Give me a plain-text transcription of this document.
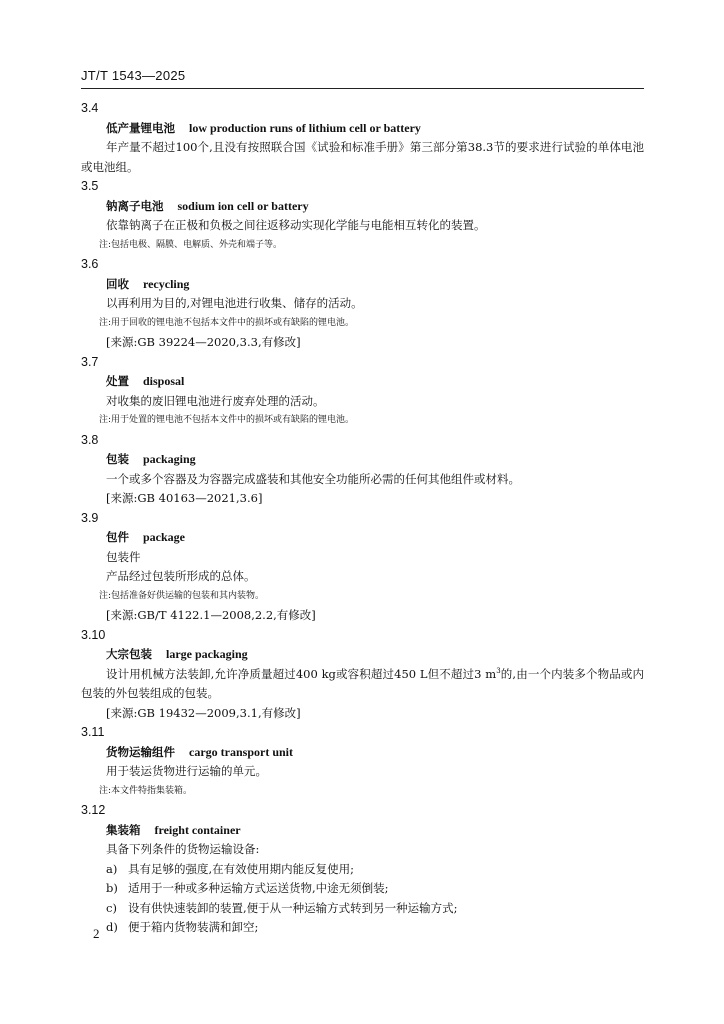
JT/T 1543—2025
3.4
低产量锂电池 low production runs of lithium cell or battery
年产量不超过100个,且没有按照联合国《试验和标准手册》第三部分第38.3节的要求进行试验的单体电池或电池组。
3.5
钠离子电池 sodium ion cell or battery
依靠钠离子在正极和负极之间往返移动实现化学能与电能相互转化的装置。
注:包括电极、隔膜、电解质、外壳和端子等。
3.6
回收 recycling
以再利用为目的,对锂电池进行收集、储存的活动。
注:用于回收的锂电池不包括本文件中的损坏或有缺陷的锂电池。
[来源:GB 39224—2020,3.3,有修改]
3.7
处置 disposal
对收集的废旧锂电池进行废弃处理的活动。
注:用于处置的锂电池不包括本文件中的损坏或有缺陷的锂电池。
3.8
包装 packaging
一个或多个容器及为容器完成盛装和其他安全功能所必需的任何其他组件或材料。
[来源:GB 40163—2021,3.6]
3.9
包件 package
包装件
产品经过包装所形成的总体。
注:包括准备好供运输的包装和其内装物。
[来源:GB/T 4122.1—2008,2.2,有修改]
3.10
大宗包装 large packaging
设计用机械方法装卸,允许净质量超过400 kg或容积超过450 L但不超过3 $m^3$的,由一个内装多个物品或内包装的外包装组成的包装。
[来源:GB 19432—2009,3.1,有修改]
3.11
货物运输组件 cargo transport unit
用于装运货物进行运输的单元。
注:本文件特指集装箱。
3.12
集装箱 freight container
具备下列条件的货物运输设备:
a) 具有足够的强度,在有效使用期内能反复使用;
b) 适用于一种或多种运输方式运送货物,中途无须倒装;
c) 设有供快速装卸的装置,便于从一种运输方式转到另一种运输方式;
d) 便于箱内货物装满和卸空;
2
